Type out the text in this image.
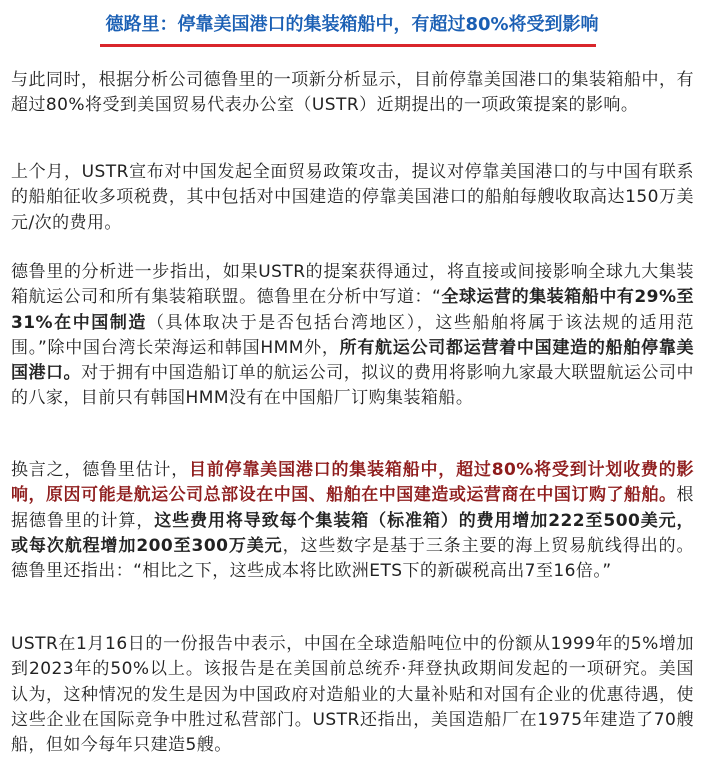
德路里：停靠美国港口的集装箱船中，有超过80%将受到影响

与此同时，根据分析公司德鲁里的一项新分析显示，目前停靠美国港口的集装箱船中，有超过80%将受到美国贸易代表办公室（USTR）近期提出的一项政策提案的影响。

上个月，USTR宣布对中国发起全面贸易政策攻击，提议对停靠美国港口的与中国有联系的船舶征收多项税费，其中包括对中国建造的停靠美国港口的船舶每艘收取高达150万美元/次的费用。

德鲁里的分析进一步指出，如果USTR的提案获得通过，将直接或间接影响全球九大集装箱航运公司和所有集装箱联盟。德鲁里在分析中写道：“全球运营的集装箱船中有29%至31%在中国制造（具体取决于是否包括台湾地区），这些船舶将属于该法规的适用范围。”除中国台湾长荣海运和韩国HMM外，所有航运公司都运营着中国建造的船舶停靠美国港口。对于拥有中国造船订单的航运公司，拟议的费用将影响九家最大联盟航运公司中的八家，目前只有韩国HMM没有在中国船厂订购集装箱船。

换言之，德鲁里估计，目前停靠美国港口的集装箱船中，超过80%将受到计划收费的影响，原因可能是航运公司总部设在中国、船舶在中国建造或运营商在中国订购了船舶。根据德鲁里的计算，这些费用将导致每个集装箱（标准箱）的费用增加222至500美元，或每次航程增加200至300万美元，这些数字是基于三条主要的海上贸易航线得出的。德鲁里还指出：“相比之下，这些成本将比欧洲ETS下的新碳税高出7至16倍。”

USTR在1月16日的一份报告中表示，中国在全球造船吨位中的份额从1999年的5%增加到2023年的50%以上。该报告是在美国前总统乔·拜登执政期间发起的一项研究。美国认为，这种情况的发生是因为中国政府对造船业的大量补贴和对国有企业的优惠待遇，使这些企业在国际竞争中胜过私营部门。USTR还指出，美国造船厂在1975年建造了70艘船，但如今每年只建造5艘。
